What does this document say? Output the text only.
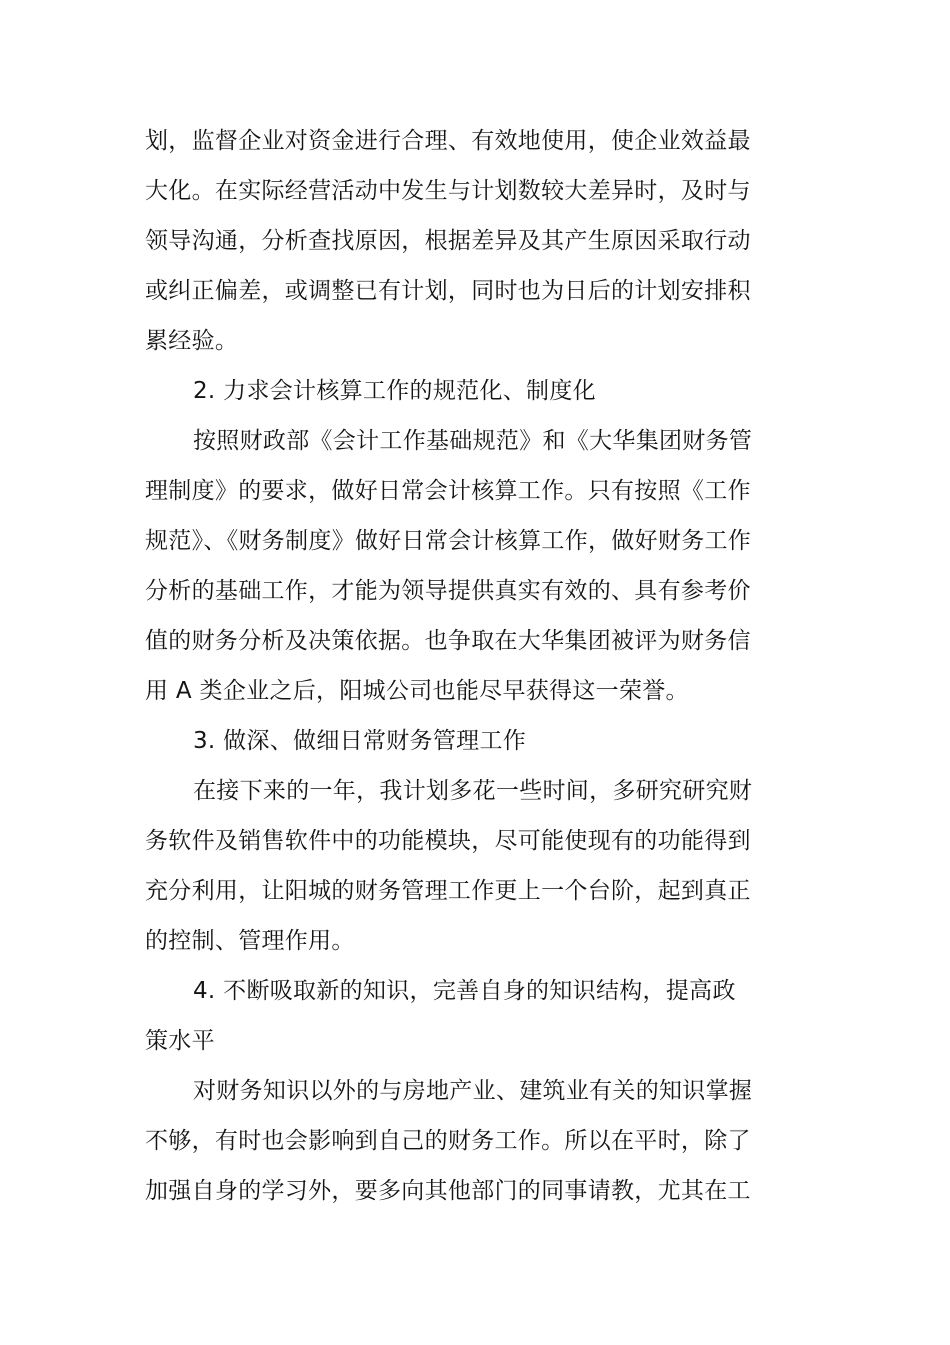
划，监督企业对资金进行合理、有效地使用，使企业效益最
大化。在实际经营活动中发生与计划数较大差异时，及时与
领导沟通，分析查找原因，根据差异及其产生原因采取行动
或纠正偏差，或调整已有计划，同时也为日后的计划安排积
累经验。
2. 力求会计核算工作的规范化、制度化
按照财政部《会计工作基础规范》和《大华集团财务管
理制度》的要求，做好日常会计核算工作。只有按照《工作
规范》、《财务制度》做好日常会计核算工作，做好财务工作
分析的基础工作，才能为领导提供真实有效的、具有参考价
值的财务分析及决策依据。也争取在大华集团被评为财务信
用 A 类企业之后，阳城公司也能尽早获得这一荣誉。
3. 做深、做细日常财务管理工作
在接下来的一年，我计划多花一些时间，多研究研究财
务软件及销售软件中的功能模块，尽可能使现有的功能得到
充分利用，让阳城的财务管理工作更上一个台阶，起到真正
的控制、管理作用。
4. 不断吸取新的知识，完善自身的知识结构，提高政
策水平
对财务知识以外的与房地产业、建筑业有关的知识掌握
不够，有时也会影响到自己的财务工作。所以在平时，除了
加强自身的学习外，要多向其他部门的同事请教，尤其在工
